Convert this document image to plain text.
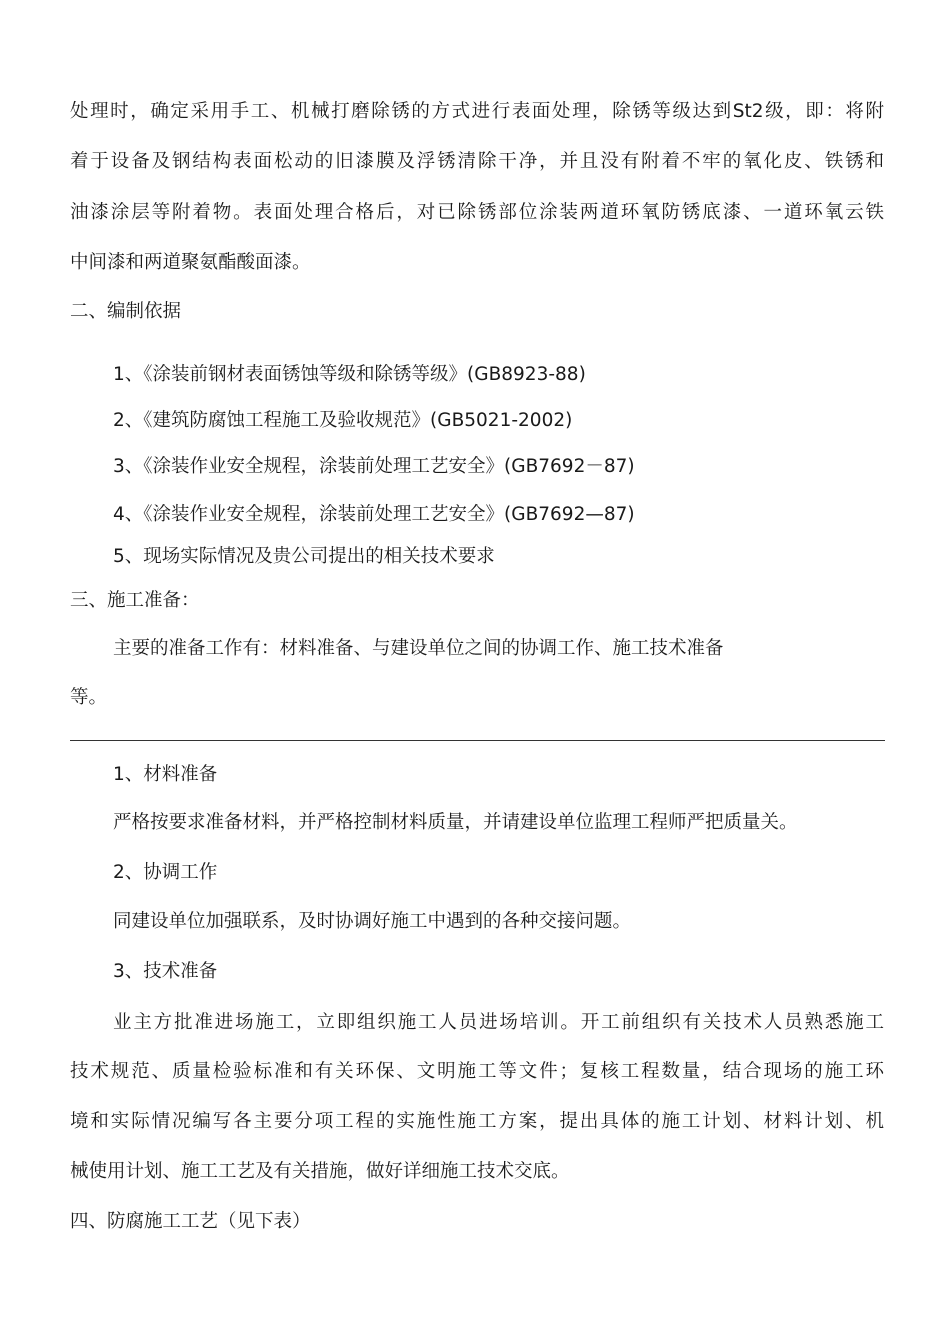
处理时，确定采用手工、机械打磨除锈的方式进行表面处理，除锈等级达到St2级，即：将附
着于设备及钢结构表面松动的旧漆膜及浮锈清除干净，并且没有附着不牢的氧化皮、铁锈和
油漆涂层等附着物。表面处理合格后，对已除锈部位涂装两道环氧防锈底漆、一道环氧云铁
中间漆和两道聚氨酯酸面漆。
二、编制依据
1、《涂装前钢材表面锈蚀等级和除锈等级》(GB8923-88)
2、《建筑防腐蚀工程施工及验收规范》(GB5021-2002)
3、《涂装作业安全规程，涂装前处理工艺安全》(GB7692－87)
4、《涂装作业安全规程，涂装前处理工艺安全》(GB7692—87)
5、现场实际情况及贵公司提出的相关技术要求
三、施工准备：
主要的准备工作有：材料准备、与建设单位之间的协调工作、施工技术准备
等。
1、材料准备
严格按要求准备材料，并严格控制材料质量，并请建设单位监理工程师严把质量关。
2、协调工作
同建设单位加强联系，及时协调好施工中遇到的各种交接问题。
3、技术准备
业主方批准进场施工，立即组织施工人员进场培训。开工前组织有关技术人员熟悉施工
技术规范、质量检验标准和有关环保、文明施工等文件；复核工程数量，结合现场的施工环
境和实际情况编写各主要分项工程的实施性施工方案，提出具体的施工计划、材料计划、机
械使用计划、施工工艺及有关措施，做好详细施工技术交底。
四、防腐施工工艺（见下表）
